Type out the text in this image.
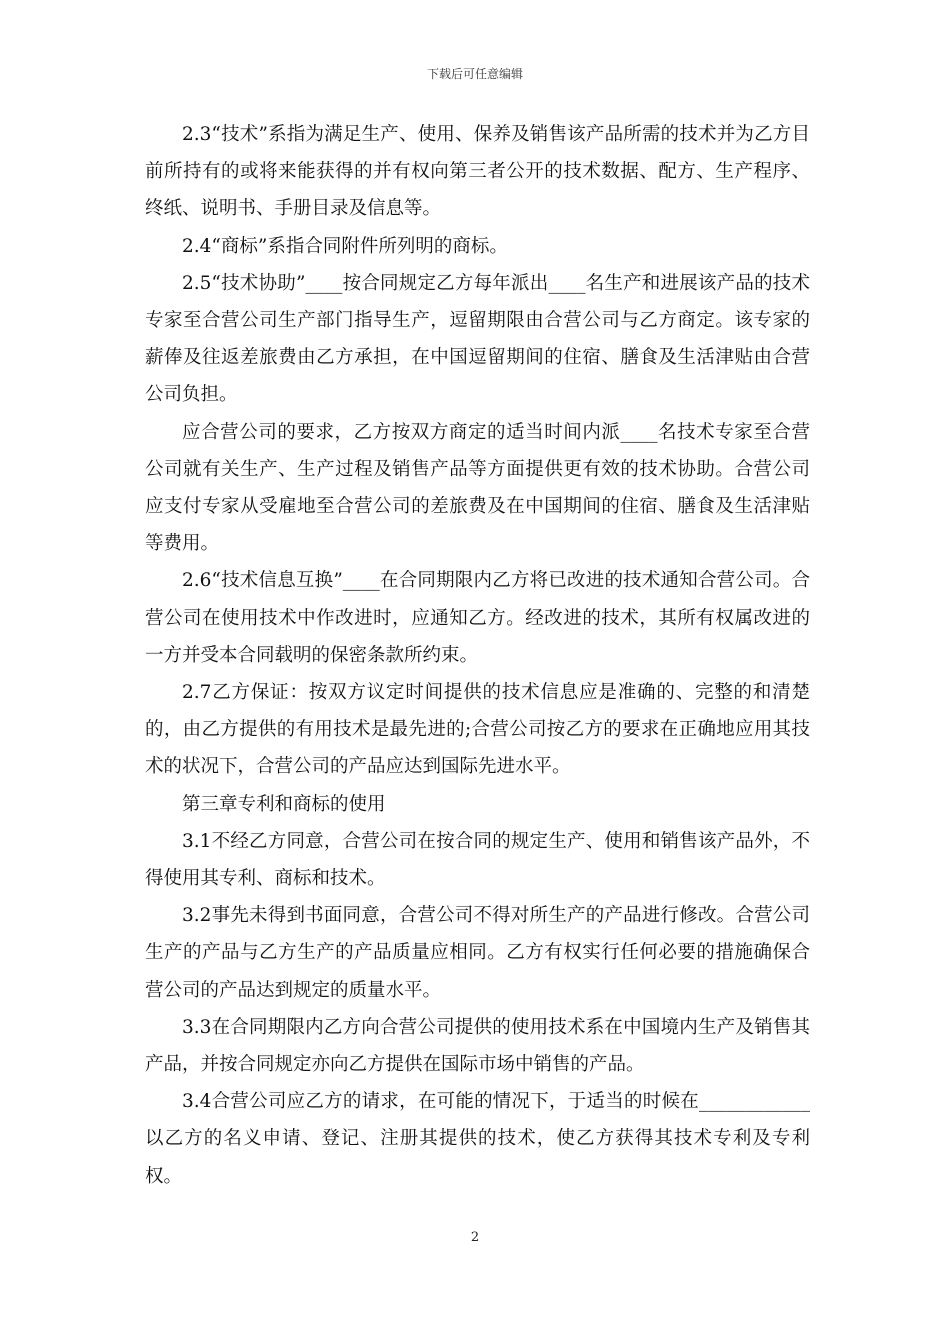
下载后可任意编辑

2.3“技术”系指为满足生产、使用、保养及销售该产品所需的技术并为乙方目前所持有的或将来能获得的并有权向第三者公开的技术数据、配方、生产程序、终纸、说明书、手册目录及信息等。

2.4“商标”系指合同附件所列明的商标。

2.5“技术协助”____按合同规定乙方每年派出____名生产和进展该产品的技术专家至合营公司生产部门指导生产，逗留期限由合营公司与乙方商定。该专家的薪俸及往返差旅费由乙方承担，在中国逗留期间的住宿、膳食及生活津贴由合营公司负担。

应合营公司的要求，乙方按双方商定的适当时间内派____名技术专家至合营公司就有关生产、生产过程及销售产品等方面提供更有效的技术协助。合营公司应支付专家从受雇地至合营公司的差旅费及在中国期间的住宿、膳食及生活津贴等费用。

2.6“技术信息互换”____在合同期限内乙方将已改进的技术通知合营公司。合营公司在使用技术中作改进时，应通知乙方。经改进的技术，其所有权属改进的一方并受本合同载明的保密条款所约束。

2.7乙方保证：按双方议定时间提供的技术信息应是准确的、完整的和清楚的，由乙方提供的有用技术是最先进的;合营公司按乙方的要求在正确地应用其技术的状况下，合营公司的产品应达到国际先进水平。

第三章专利和商标的使用

3.1不经乙方同意，合营公司在按合同的规定生产、使用和销售该产品外，不得使用其专利、商标和技术。

3.2事先未得到书面同意，合营公司不得对所生产的产品进行修改。合营公司生产的产品与乙方生产的产品质量应相同。乙方有权实行任何必要的措施确保合营公司的产品达到规定的质量水平。

3.3在合同期限内乙方向合营公司提供的使用技术系在中国境内生产及销售其产品，并按合同规定亦向乙方提供在国际市场中销售的产品。

3.4合营公司应乙方的请求，在可能的情况下，于适当的时候在____________以乙方的名义申请、登记、注册其提供的技术，使乙方获得其技术专利及专利权。

2
